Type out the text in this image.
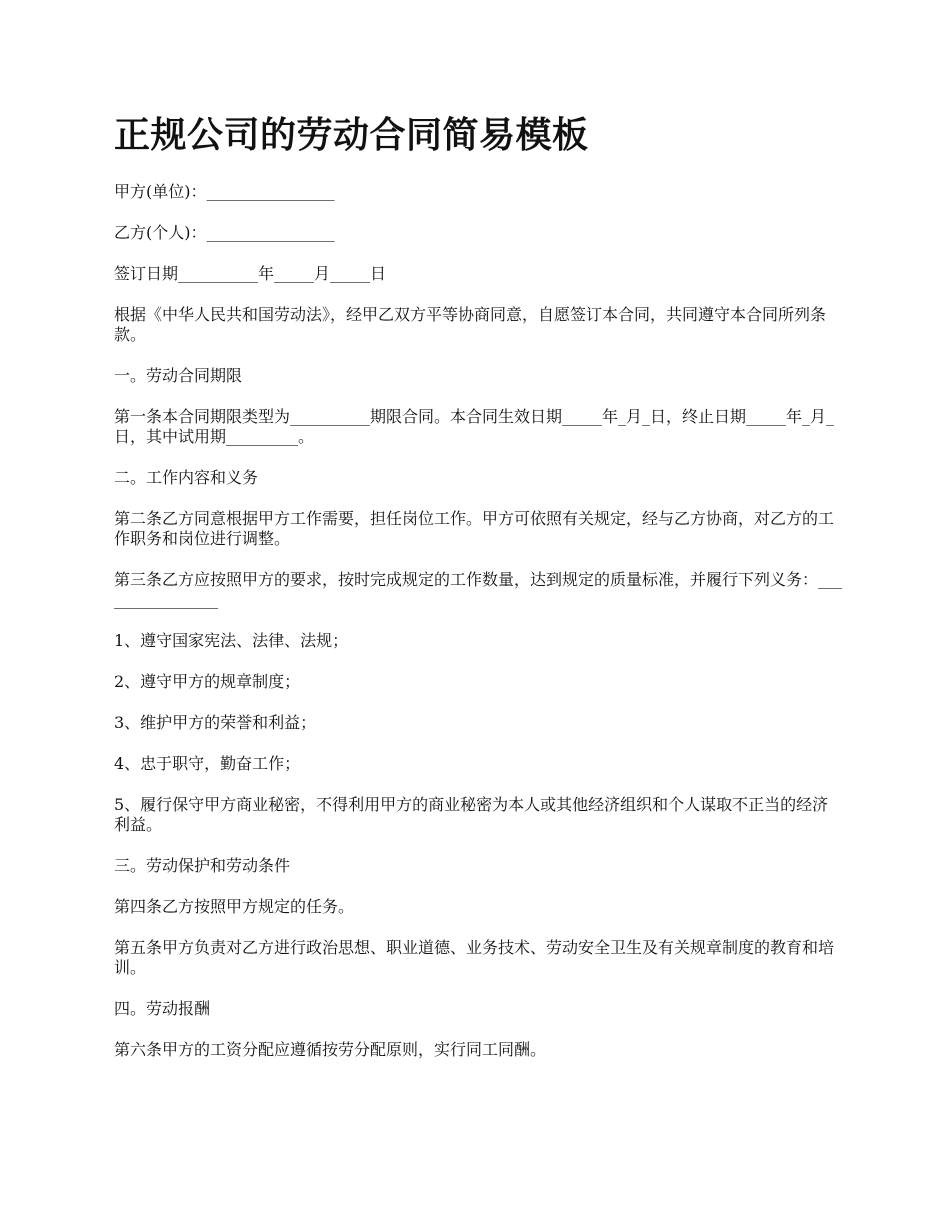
正规公司的劳动合同简易模板
甲方(单位)：________________
乙方(个人)：________________
签订日期__________年_____月_____日
根据《中华人民共和国劳动法》，经甲乙双方平等协商同意，自愿签订本合同，共同遵守本合同所列条款。
一。劳动合同期限
第一条本合同期限类型为__________期限合同。本合同生效日期_____年_月_日，终止日期_____年_月_日，其中试用期_________。
二。工作内容和义务
第二条乙方同意根据甲方工作需要，担任岗位工作。甲方可依照有关规定，经与乙方协商，对乙方的工作职务和岗位进行调整。
第三条乙方应按照甲方的要求，按时完成规定的工作数量，达到规定的质量标准，并履行下列义务：________________
1、遵守国家宪法、法律、法规；
2、遵守甲方的规章制度；
3、维护甲方的荣誉和利益；
4、忠于职守，勤奋工作；
5、履行保守甲方商业秘密，不得利用甲方的商业秘密为本人或其他经济组织和个人谋取不正当的经济利益。
三。劳动保护和劳动条件
第四条乙方按照甲方规定的任务。
第五条甲方负责对乙方进行政治思想、职业道德、业务技术、劳动安全卫生及有关规章制度的教育和培训。
四。劳动报酬
第六条甲方的工资分配应遵循按劳分配原则，实行同工同酬。
